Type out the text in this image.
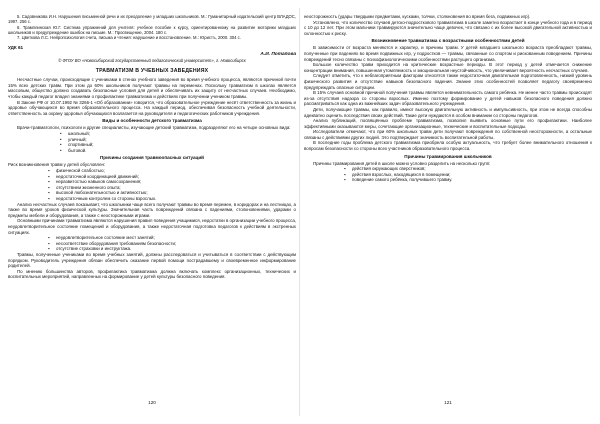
5. Садовникова И.Н. Нарушения письменной речи и их преодоление у младших школьников. М.: Гуманитарный издательский центр ВЛАДОС, 1997. 256 с.

6. Трамплинская Ю.Г. Система упражнений для учителя: учебное пособие к курсу, ориентированному на развитие моторики младших школьников и предупреждение ошибок на письме. М.: Просвещение, 2004. 180 с.

7. Цветкова Л.С. Нейропсихология счета, письма и чтения: нарушение и восстановление. М.: Юристъ, 2000. 304 с.

УДК 61

А.И. Потапова

© ФГОУ ВО «Новосибирский государственный педагогический университет», г. Новосибирск

ТРАВМАТИЗМ В УЧЕБНЫХ ЗАВЕДЕНИЯХ

Несчастные случаи, происходящие с учениками в стенах учебного заведения во время учебного процесса, являются причиной почти 15% всех детских травм. При этом до 60% школьников получают травмы на переменах. Поскольку травматизм в школах является массовым, общество должно создавать безопасные условия для детей и обеспечивать их защиту от несчастных случаев. Необходимо, чтобы каждый педагог владел знаниями о профилактике травматизма и действиях при получении учеником травмы.

В Законе РФ от 10.07.1992 № 3266-1 «Об образовании» говорится, что образовательное учреждение несёт ответственность за жизнь и здоровье обучающихся во время образовательного процесса. На каждый период, обеспечивая безопасность учебной деятельности, ответственность за охрану здоровья обучающихся возлагается на руководителя и педагогических работников учреждения.

Виды и особенности детского травматизма

Врачи-травматологи, психологи и другие специалисты, изучающие детский травматизм, подразделяют его на четыре основных вида:

• школьный;
• уличный;
• спортивный;
• бытовой.

Причины создания травмоопасных ситуаций

Риск возникновения травм у детей обусловлен:

▪ физической слабостью;
▪ недостаточной координацией движений;
▪ неразвитостью навыков самосохранения;
▪ отсутствием жизненного опыта;
▪ высокой любознательностью и активностью;
▪ недостаточным контролем со стороны взрослых.

Анализ несчастных случаев показывает, что школьники чаще всего получают травмы во время перемен, в коридорах и на лестницах, а также во время уроков физической культуры. Значительная часть повреждений связана с падениями, столкновениями, ударами о предметы мебели и оборудования, а также с неосторожными играми.

Основными причинами травматизма являются нарушения правил поведения учащимися, недостатки в организации учебного процесса, неудовлетворительное состояние помещений и оборудования, а также недостаточная подготовка педагогов к действиям в экстренных ситуациях.

▪ неудовлетворительное состояние мест занятий;
▪ несоответствие оборудования требованиям безопасности;
▪ отсутствие страховки и инструктажа.

Травмы, полученные учениками во время учебных занятий, должны расследоваться и учитываться в соответствии с действующим порядком. Руководитель учреждения обязан обеспечить оказание первой помощи пострадавшему и своевременное информирование родителей.

По мнению большинства авторов, профилактика травматизма должна включать комплекс организационных, технических и воспитательных мероприятий, направленных на формирование у детей культуры безопасного поведения.

120

неосторожность (удары твердыми предметами, кусками, толчки, столкновения во время бега, подвижных игр).

Установлено, что количество случаев детско-подросткового травматизма в школе заметно возрастает в конце учебного года и в период с 10 до 12 лет. При этом мальчики травмируются значительно чаще девочек, что связано с их более высокой двигательной активностью и склонностью к риску.

Возникновение травматизма с возрастными особенностями детей

В зависимости от возраста меняются и характер, и причины травм. У детей младшего школьного возраста преобладают травмы, полученные при падениях во время подвижных игр, у подростков — травмы, связанные со спортом и рискованным поведением. Причины повреждений тесно связаны с психофизиологическими особенностями растущего организма.

Большое количество травм приходится на критические возрастные периоды. В этот период у детей отмечается снижение концентрации внимания, повышенная утомляемость и эмоциональная неустойчивость, что увеличивает вероятность несчастных случаев.

Следует отметить, что к неблагоприятным факторам относятся также недостаточная двигательная подготовленность, низкий уровень физического развития и отсутствие навыков безопасного падения. Знание этих особенностей позволяет педагогу своевременно предупреждать опасные ситуации.

В 15% случаев основной причиной получения травмы является невнимательность самого ребёнка. Не менее часто травмы происходят из-за отсутствия надзора со стороны взрослых. Именно поэтому формирование у детей навыков безопасного поведения должно рассматриваться как одна из важнейших задач образовательного учреждения.

Дети, получающие травмы, как правило, имеют высокую двигательную активность и импульсивность, при этом не всегда способны адекватно оценить последствия своих действий. Такие дети нуждаются в особом внимании со стороны педагогов.

Анализ публикаций, посвящённых проблеме травматизма, позволил выявить основные пути его профилактики. Наиболее эффективными оказываются меры, сочетающие организационные, технические и воспитательные подходы.

Исследователи отмечают, что при 60% школьных травм дети получают повреждения по собственной неосторожности, а остальные связаны с действиями других людей. Это подтверждает значимость воспитательной работы.

В последние годы проблема детского травматизма приобрела особую актуальность, что требует более внимательного отношения к вопросам безопасности со стороны всех участников образовательного процесса.

Причины травмирования школьников

Причины травмирования детей в школе можно условно разделить на несколько групп:

▪ действия окружающих сверстников;
▪ действия взрослых, находящихся в помещении;
▪ поведение самого ребёнка, получившего травму.
121
